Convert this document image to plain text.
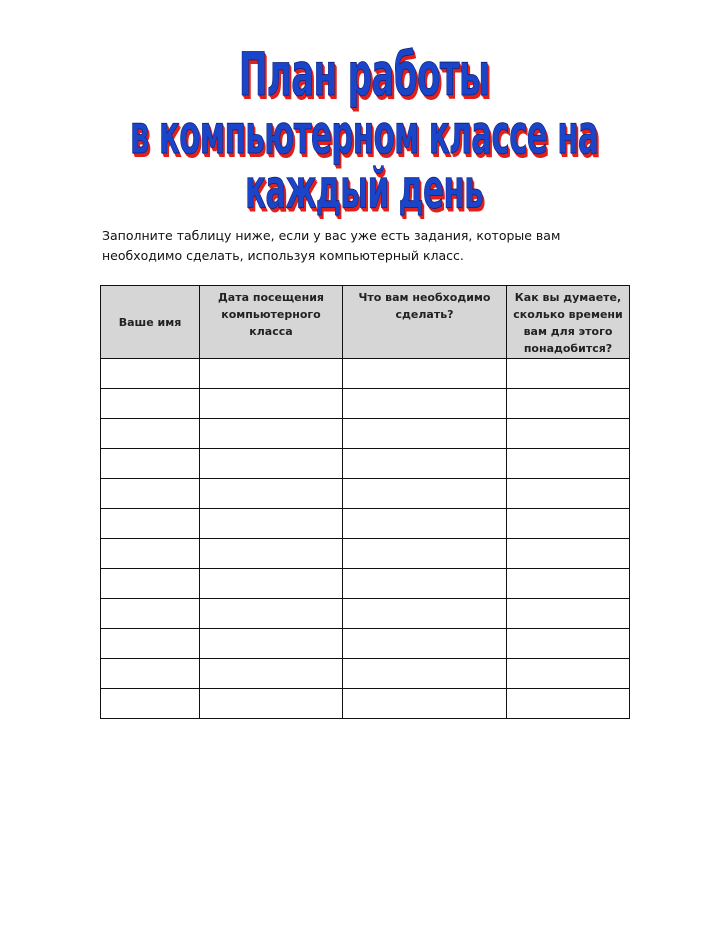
План работы
в компьютерном классе на каждый день
Заполните таблицу ниже, если у вас уже есть задания, которые вам необходимо сделать, используя компьютерный класс.
Ваше имя	Дата посещения компьютерного класса	Что вам необходимо сделать?	Как вы думаете, сколько времени вам для этого понадобится?
